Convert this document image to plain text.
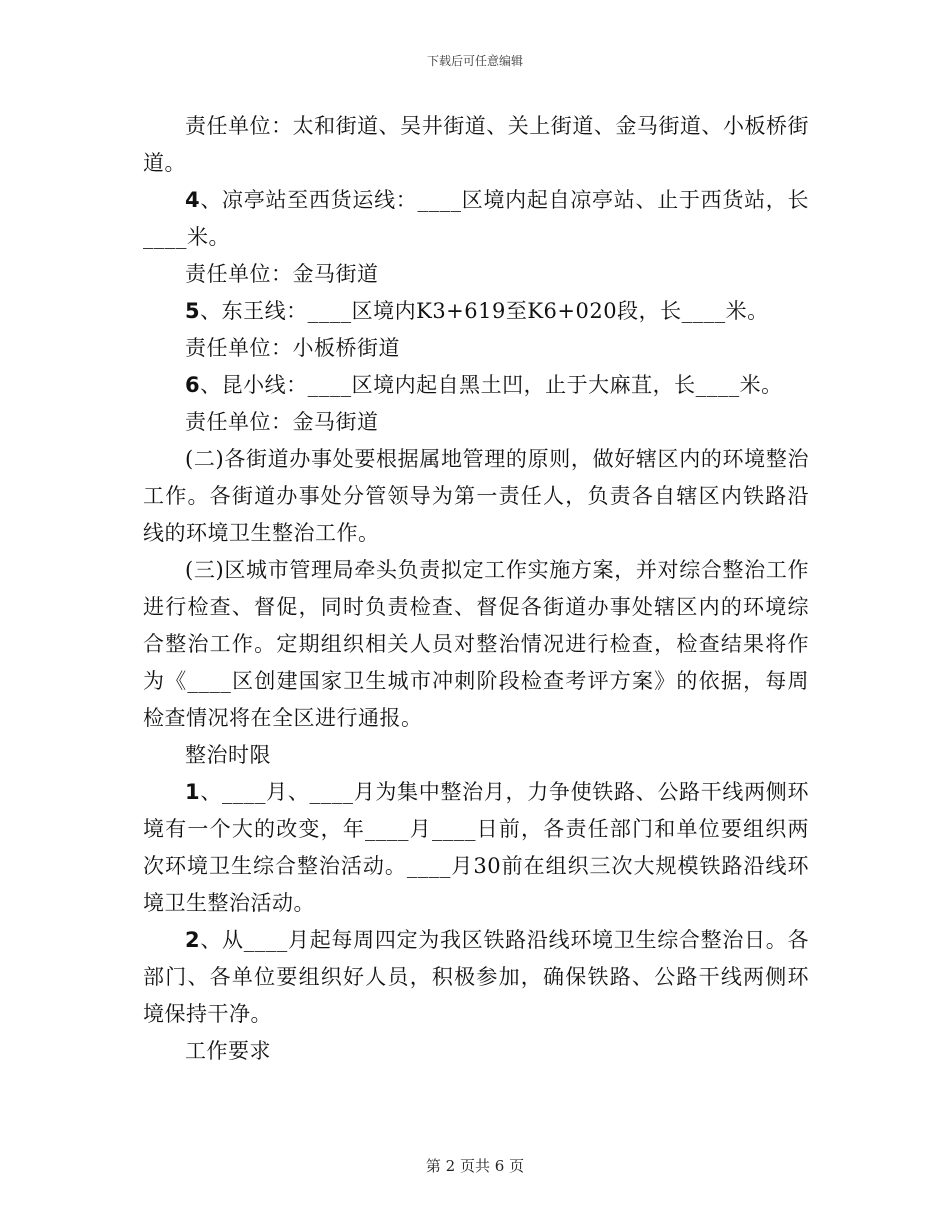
下载后可任意编辑

责任单位：太和街道、吴井街道、关上街道、金马街道、小板桥街道。

4、凉亭站至西货运线：____区境内起自凉亭站、止于西货站，长____米。

责任单位：金马街道

5、东王线：____区境内K3+619至K6+020段，长____米。

责任单位：小板桥街道

6、昆小线：____区境内起自黑土凹，止于大麻苴，长____米。

责任单位：金马街道

(二)各街道办事处要根据属地管理的原则，做好辖区内的环境整治工作。各街道办事处分管领导为第一责任人，负责各自辖区内铁路沿线的环境卫生整治工作。

(三)区城市管理局牵头负责拟定工作实施方案，并对综合整治工作进行检查、督促，同时负责检查、督促各街道办事处辖区内的环境综合整治工作。定期组织相关人员对整治情况进行检查，检查结果将作为《____区创建国家卫生城市冲刺阶段检查考评方案》的依据，每周检查情况将在全区进行通报。

整治时限

1、____月、____月为集中整治月，力争使铁路、公路干线两侧环境有一个大的改变，年____月____日前，各责任部门和单位要组织两次环境卫生综合整治活动。____月30前在组织三次大规模铁路沿线环境卫生整治活动。

2、从____月起每周四定为我区铁路沿线环境卫生综合整治日。各部门、各单位要组织好人员，积极参加，确保铁路、公路干线两侧环境保持干净。

工作要求

第 2 页共 6 页
